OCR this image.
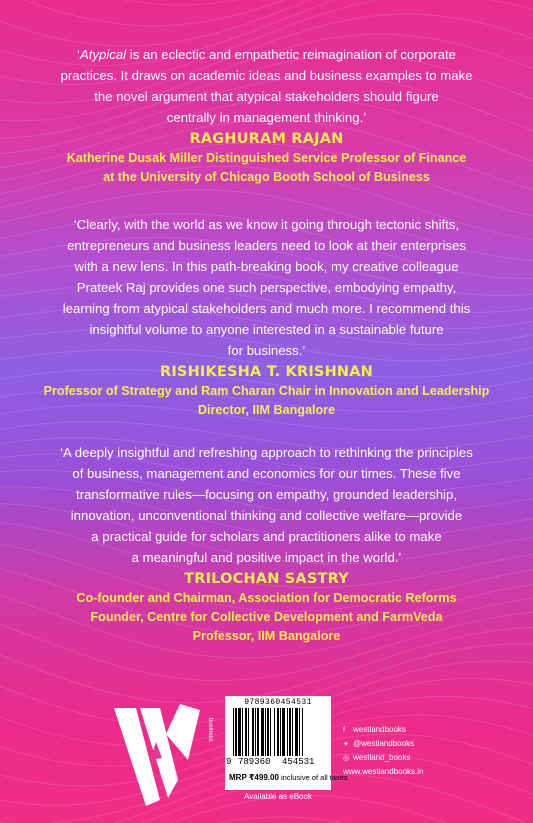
‘Atypical is an eclectic and empathetic reimagination of corporate
practices. It draws on academic ideas and business examples to make
the novel argument that atypical stakeholders should figure
centrally in management thinking.’

RAGHURAM RAJAN

Katherine Dusak Miller Distinguished Service Professor of Finance
at the University of Chicago Booth School of Business

‘Clearly, with the world as we know it going through tectonic shifts,
entrepreneurs and business leaders need to look at their enterprises
with a new lens. In this path-breaking book, my creative colleague
Prateek Raj provides one such perspective, embodying empathy,
learning from atypical stakeholders and much more. I recommend this
insightful volume to anyone interested in a sustainable future
for business.’

RISHIKESHA T. KRISHNAN

Professor of Strategy and Ram Charan Chair in Innovation and Leadership
Director, IIM Bangalore

‘A deeply insightful and refreshing approach to rethinking the principles
of business, management and economics for our times. These five
transformative rules—focusing on empathy, grounded leadership,
innovation, unconventional thinking and collective welfare—provide
a practical guide for scholars and practitioners alike to make
a meaningful and positive impact in the world.’

TRILOCHAN SASTRY

Co-founder and Chairman, Association for Democratic Reforms
Founder, Centre for Collective Development and FarmVeda
Professor, IIM Bangalore

business
9789360454531
9 789360 454531
MRP ₹499.00 inclusive of all taxes
Available as eBook
f westlandbooks
✦ @westlandbooks
◎ westland_books
www.westlandbooks.in
